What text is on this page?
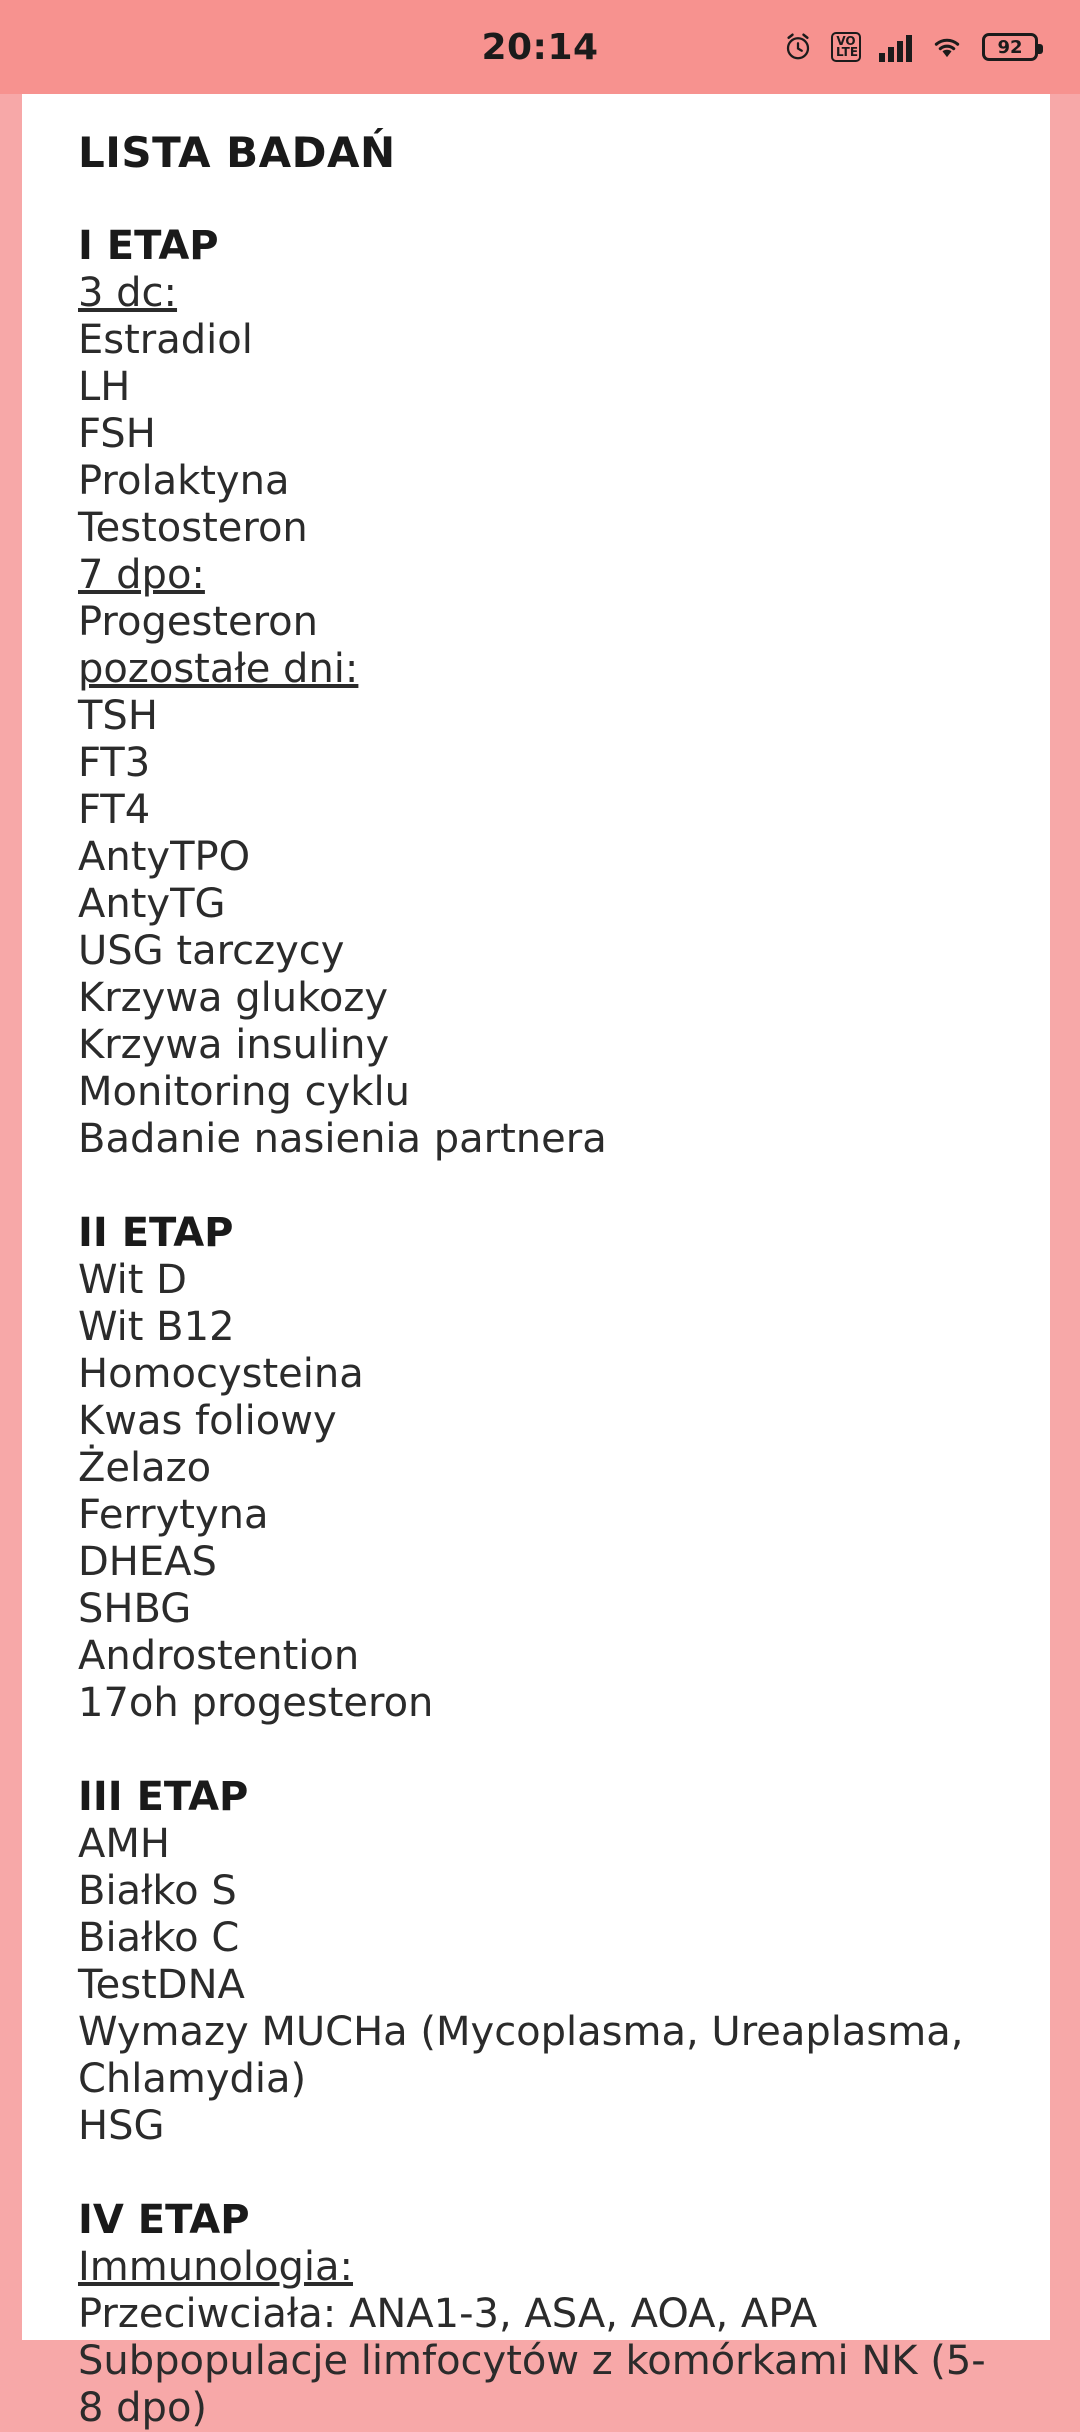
20:14	VO
LTE	92
LISTA BADAŃ
I ETAP
3 dc:
Estradiol
LH
FSH
Prolaktyna
Testosteron
7 dpo:
Progesteron
pozostałe dni:
TSH
FT3
FT4
AntyTPO
AntyTG
USG tarczycy
Krzywa glukozy
Krzywa insuliny
Monitoring cyklu
Badanie nasienia partnera
II ETAP
Wit D
Wit B12
Homocysteina
Kwas foliowy
Żelazo
Ferrytyna
DHEAS
SHBG
Androstention
17oh progesteron
III ETAP
AMH
Białko S
Białko C
TestDNA
Wymazy MUCHa (Mycoplasma, Ureaplasma, Chlamydia)
HSG
IV ETAP
Immunologia:
Przeciwciała: ANA1-3, ASA, AOA, APA
Subpopulacje limfocytów z komórkami NK (5-8 dpo)
